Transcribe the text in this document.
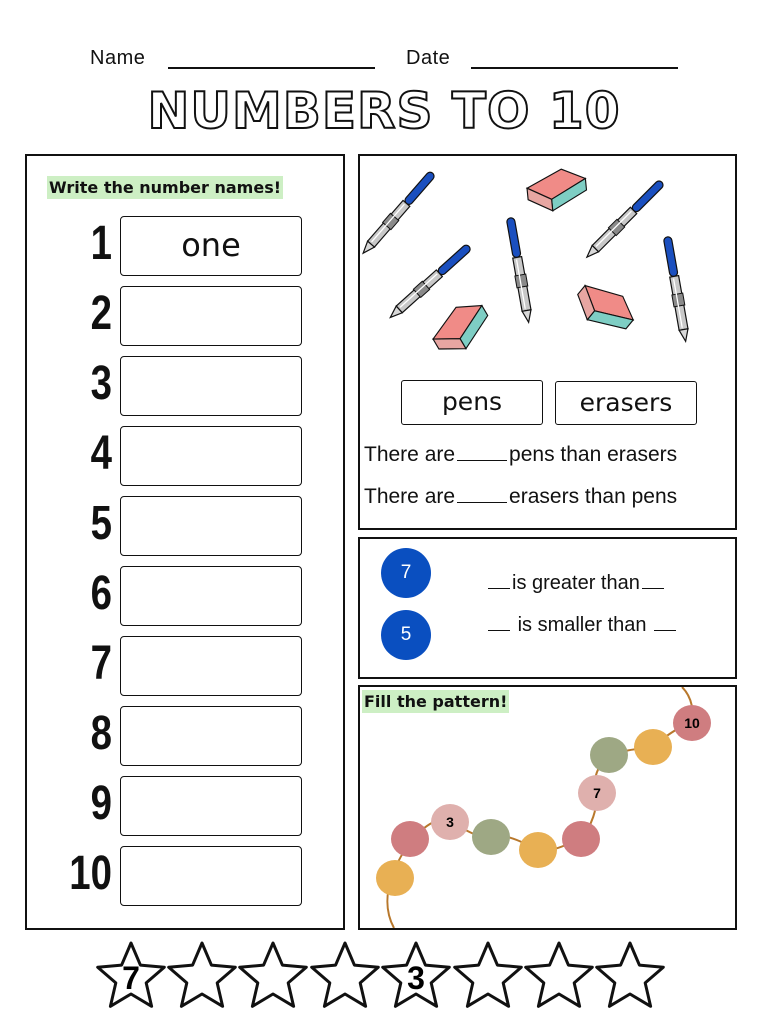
Name	Date
NUMBERS TO 10
Write the number names!
1	one
2
3
4
5
6
7
8
9
10
pens	erasers
There are	pens than erasers
There are	erasers than pens
7
5
is greater than
is smaller than
Fill the pattern!
3
7
10
7	3
